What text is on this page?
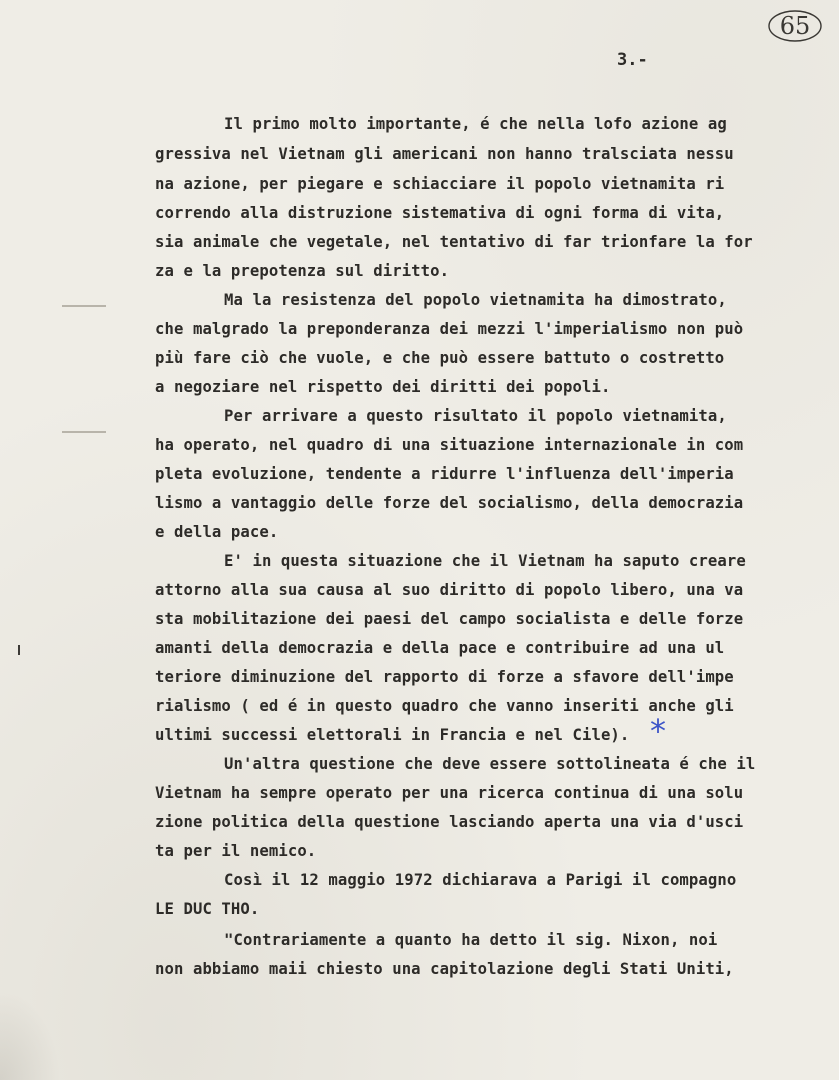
65
3.-
Il primo molto importante, é che nella lofo azione ag
gressiva nel Vietnam gli americani non hanno tralsciata nessu
na azione, per piegare e schiacciare il popolo vietnamita ri
correndo alla distruzione sistemativa di ogni forma di vita,
sia animale che vegetale, nel tentativo di far trionfare la for
za e la prepotenza sul diritto.
Ma la resistenza del popolo vietnamita ha dimostrato,
che malgrado la preponderanza dei mezzi l'imperialismo non può
più fare ciò che vuole, e che può essere battuto o costretto
a negoziare nel rispetto dei diritti dei popoli.
Per arrivare a questo risultato il popolo vietnamita,
ha operato, nel quadro di una situazione internazionale in com
pleta evoluzione, tendente a ridurre l'influenza dell'imperia
lismo a vantaggio delle forze del socialismo, della democrazia
e della pace.
E' in questa situazione che il Vietnam ha saputo creare
attorno alla sua causa al suo diritto di popolo libero, una va
sta mobilitazione dei paesi del campo socialista e delle forze
amanti della democrazia e della pace e contribuire ad una ul
teriore diminuzione del rapporto di forze a sfavore dell'impe
rialismo ( ed é in questo quadro che vanno inseriti anche gli
ultimi successi elettorali in Francia e nel Cile). *
Un'altra questione che deve essere sottolineata é che il
Vietnam ha sempre operato per una ricerca continua di una solu
zione politica della questione lasciando aperta una via d'usci
ta per il nemico.
Così il 12 maggio 1972 dichiarava a Parigi il compagno
LE DUC THO.
"Contrariamente a quanto ha detto il sig. Nixon, noi
non abbiamo maii chiesto una capitolazione degli Stati Uniti,
